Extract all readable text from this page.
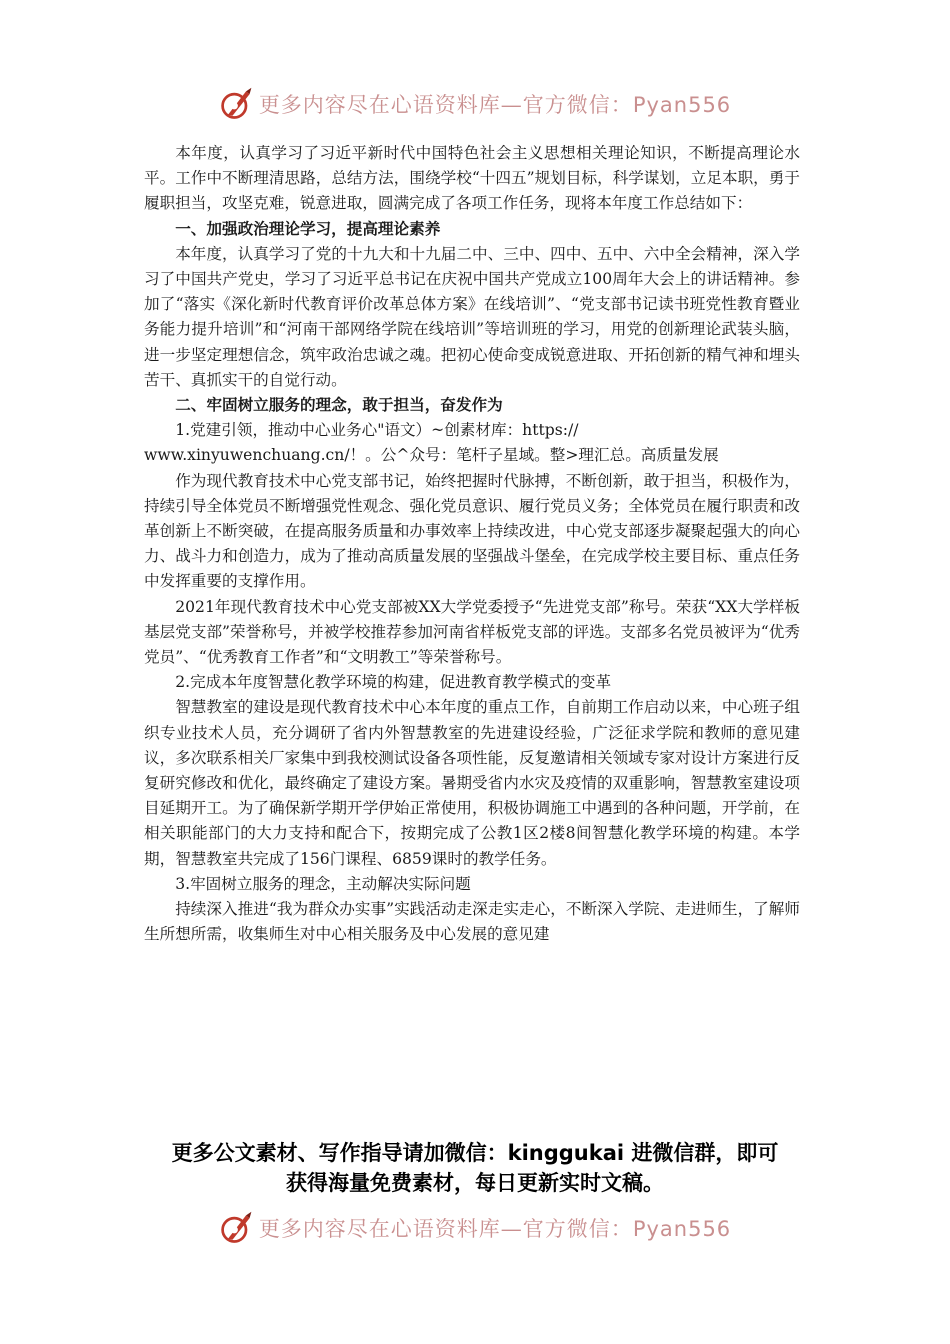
更多内容尽在心语资料库—官方微信：Pyan556

本年度，认真学习了习近平新时代中国特色社会主义思想相关理论知识，不断提高理论水平。工作中不断理清思路，总结方法，围绕学校“十四五”规划目标，科学谋划，立足本职，勇于履职担当，攻坚克难，锐意进取，圆满完成了各项工作任务，现将本年度工作总结如下：

一、加强政治理论学习，提高理论素养

本年度，认真学习了党的十九大和十九届二中、三中、四中、五中、六中全会精神，深入学习了中国共产党史，学习了习近平总书记在庆祝中国共产党成立100周年大会上的讲话精神。参加了“落实《深化新时代教育评价改革总体方案》在线培训”、“党支部书记读书班党性教育暨业务能力提升培训”和“河南干部网络学院在线培训”等培训班的学习，用党的创新理论武装头脑，进一步坚定理想信念，筑牢政治忠诚之魂。把初心使命变成锐意进取、开拓创新的精气神和埋头苦干、真抓实干的自觉行动。

二、牢固树立服务的理念，敢于担当，奋发作为

1.党建引领，推动中心业务心"语文）~创素材库：https://

www.xinyuwenchuang.cn/！。公^众号：笔杆子星域。整>理汇总。高质量发展

作为现代教育技术中心党支部书记，始终把握时代脉搏，不断创新，敢于担当，积极作为，持续引导全体党员不断增强党性观念、强化党员意识、履行党员义务；全体党员在履行职责和改革创新上不断突破，在提高服务质量和办事效率上持续改进，中心党支部逐步凝聚起强大的向心力、战斗力和创造力，成为了推动高质量发展的坚强战斗堡垒，在完成学校主要目标、重点任务中发挥重要的支撑作用。

2021年现代教育技术中心党支部被XX大学党委授予“先进党支部”称号。荣获“XX大学样板基层党支部”荣誉称号，并被学校推荐参加河南省样板党支部的评选。支部多名党员被评为“优秀党员”、“优秀教育工作者”和“文明教工”等荣誉称号。

2.完成本年度智慧化教学环境的构建，促进教育教学模式的变革

智慧教室的建设是现代教育技术中心本年度的重点工作，自前期工作启动以来，中心班子组织专业技术人员，充分调研了省内外智慧教室的先进建设经验，广泛征求学院和教师的意见建议，多次联系相关厂家集中到我校测试设备各项性能，反复邀请相关领域专家对设计方案进行反复研究修改和优化，最终确定了建设方案。暑期受省内水灾及疫情的双重影响，智慧教室建设项目延期开工。为了确保新学期开学伊始正常使用，积极协调施工中遇到的各种问题，开学前，在相关职能部门的大力支持和配合下，按期完成了公教1区2楼8间智慧化教学环境的构建。本学期，智慧教室共完成了156门课程、6859课时的教学任务。

3.牢固树立服务的理念，主动解决实际问题

持续深入推进“我为群众办实事”实践活动走深走实走心，不断深入学院、走进师生，了解师生所想所需，收集师生对中心相关服务及中心发展的意见建

更多公文素材、写作指导请加微信：kinggukai 进微信群，即可
获得海量免费素材，每日更新实时文稿。
更多内容尽在心语资料库—官方微信：Pyan556
